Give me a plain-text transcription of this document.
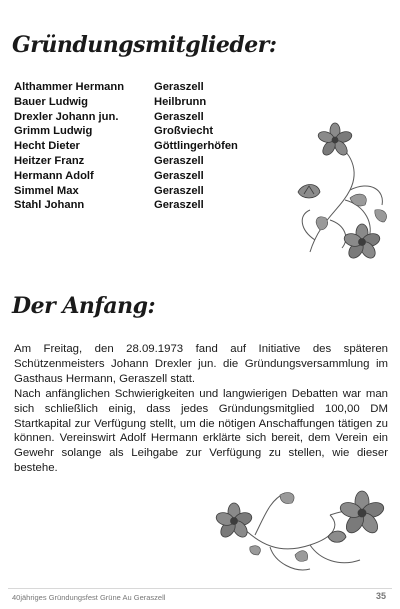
Gründungsmitglieder:
Althammer Hermann	Geraszell
Bauer Ludwig	Heilbrunn
Drexler Johann jun.	Geraszell
Grimm Ludwig	Großviecht
Hecht Dieter	Göttlingerhöfen
Heitzer Franz	Geraszell
Hermann Adolf	Geraszell
Simmel Max	Geraszell
Stahl Johann	Geraszell
Der Anfang:

Am Freitag, den 28.09.1973 fand auf Initiative des späteren Schützenmeisters Johann Drexler jun. die Gründungsversammlung im Gasthaus Hermann, Geraszell statt.

Nach anfänglichen Schwierigkeiten und langwierigen Debatten war man sich schließlich einig, dass jedes Gründungsmitglied 100,00 DM Startkapital zur Verfügung stellt, um die nötigen Anschaffungen tätigen zu können. Vereinswirt Adolf Hermann erklärte sich bereit, dem Verein ein Gewehr solange als Leihgabe zur Verfügung zu stellen, wie dieser bestehe.

40jähriges Gründungsfest Grüne Au Geraszell	35
